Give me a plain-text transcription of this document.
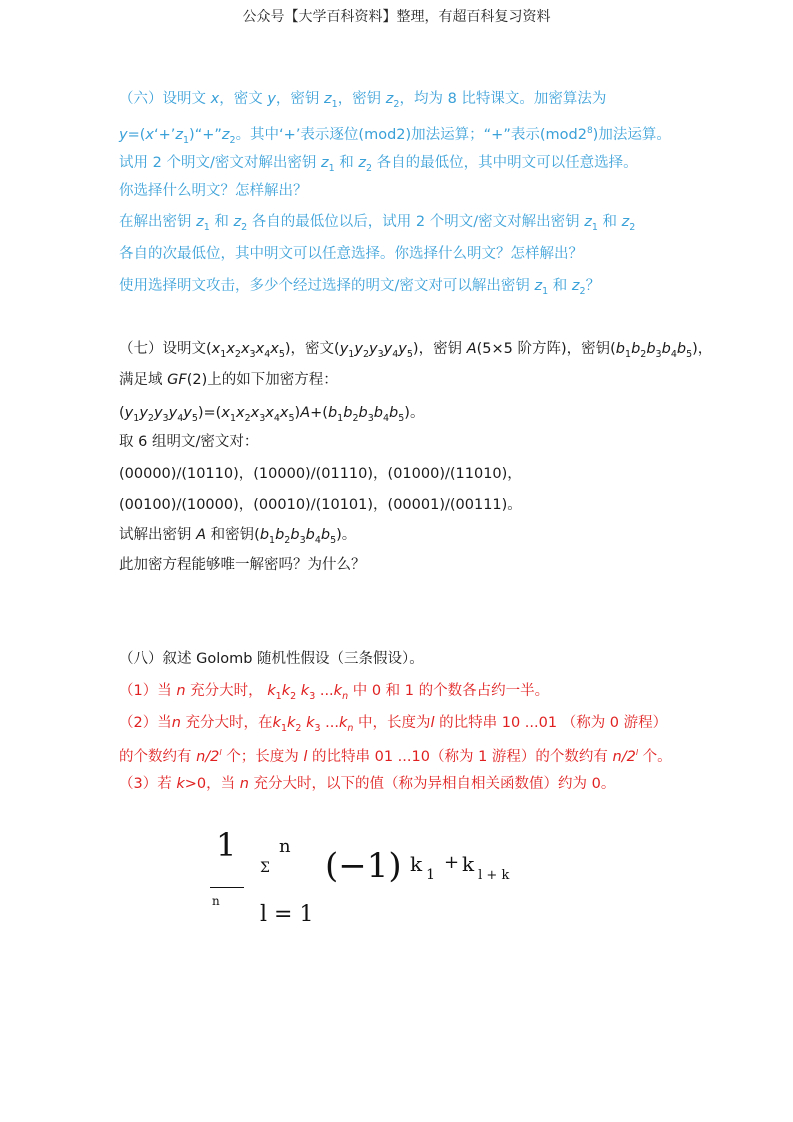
公众号【大学百科资料】整理，有超百科复习资料
（六）设明文 x，密文 y，密钥 $z_1$，密钥 $z_2$，均为 8 比特课文。加密算法为
$y=(x‘+’z_1)“+”z_2$。其中‘+’表示逐位(mod2)加法运算；“+”表示$(mod2^8)$加法运算。
试用 2 个明文/密文对解出密钥 $z_1$ 和 $z_2$ 各自的最低位，其中明文可以任意选择。
你选择什么明文？怎样解出？
在解出密钥 $z_1$ 和 $z_2$ 各自的最低位以后，试用 2 个明文/密文对解出密钥 $z_1$ 和 $z_2$
各自的次最低位，其中明文可以任意选择。你选择什么明文？怎样解出？
使用选择明文攻击，多少个经过选择的明文/密文对可以解出密钥 $z_1$ 和 $z_2$？
（七）设明文$(x_1x_2x_3x_4x_5)$，密文$(y_1y_2y_3y_4y_5)$，密钥 A(5×5 阶方阵)，密钥$(b_1b_2b_3b_4b_5)$，
满足域 GF(2)上的如下加密方程：
$(y_1y_2y_3y_4y_5)=(x_1x_2x_3x_4x_5)A+(b_1b_2b_3b_4b_5)$。
取 6 组明文/密文对：
(00000)/(10110)，(10000)/(01110)，(01000)/(11010)，
(00100)/(10000)，(00010)/(10101)，(00001)/(00111)。
试解出密钥 A 和密钥$(b_1b_2b_3b_4b_5)$。
此加密方程能够唯一解密吗？为什么？
（八）叙述 Golomb 随机性假设（三条假设）。
（1）当 n 充分大时， $k_1k_2$ $k_3$ $...k_n$ 中 0 和 1 的个数各占约一半。
（2）当n 充分大时，在$k_1k_2$ $k_3$ $...k_n$ 中，长度为l 的比特串 10 ...01 （称为 0 游程）
的个数约有 n/2$^l$ 个；长度为 l 的比特串 01 ...10（称为 1 游程）的个数约有 n/2$^l$ 个。
（3）若 k>0，当 n 充分大时，以下的值（称为异相自相关函数值）约为 0。
1
n
Σ
n
l = 1
(−1) k $_1$
+ k $_{l + k}$
